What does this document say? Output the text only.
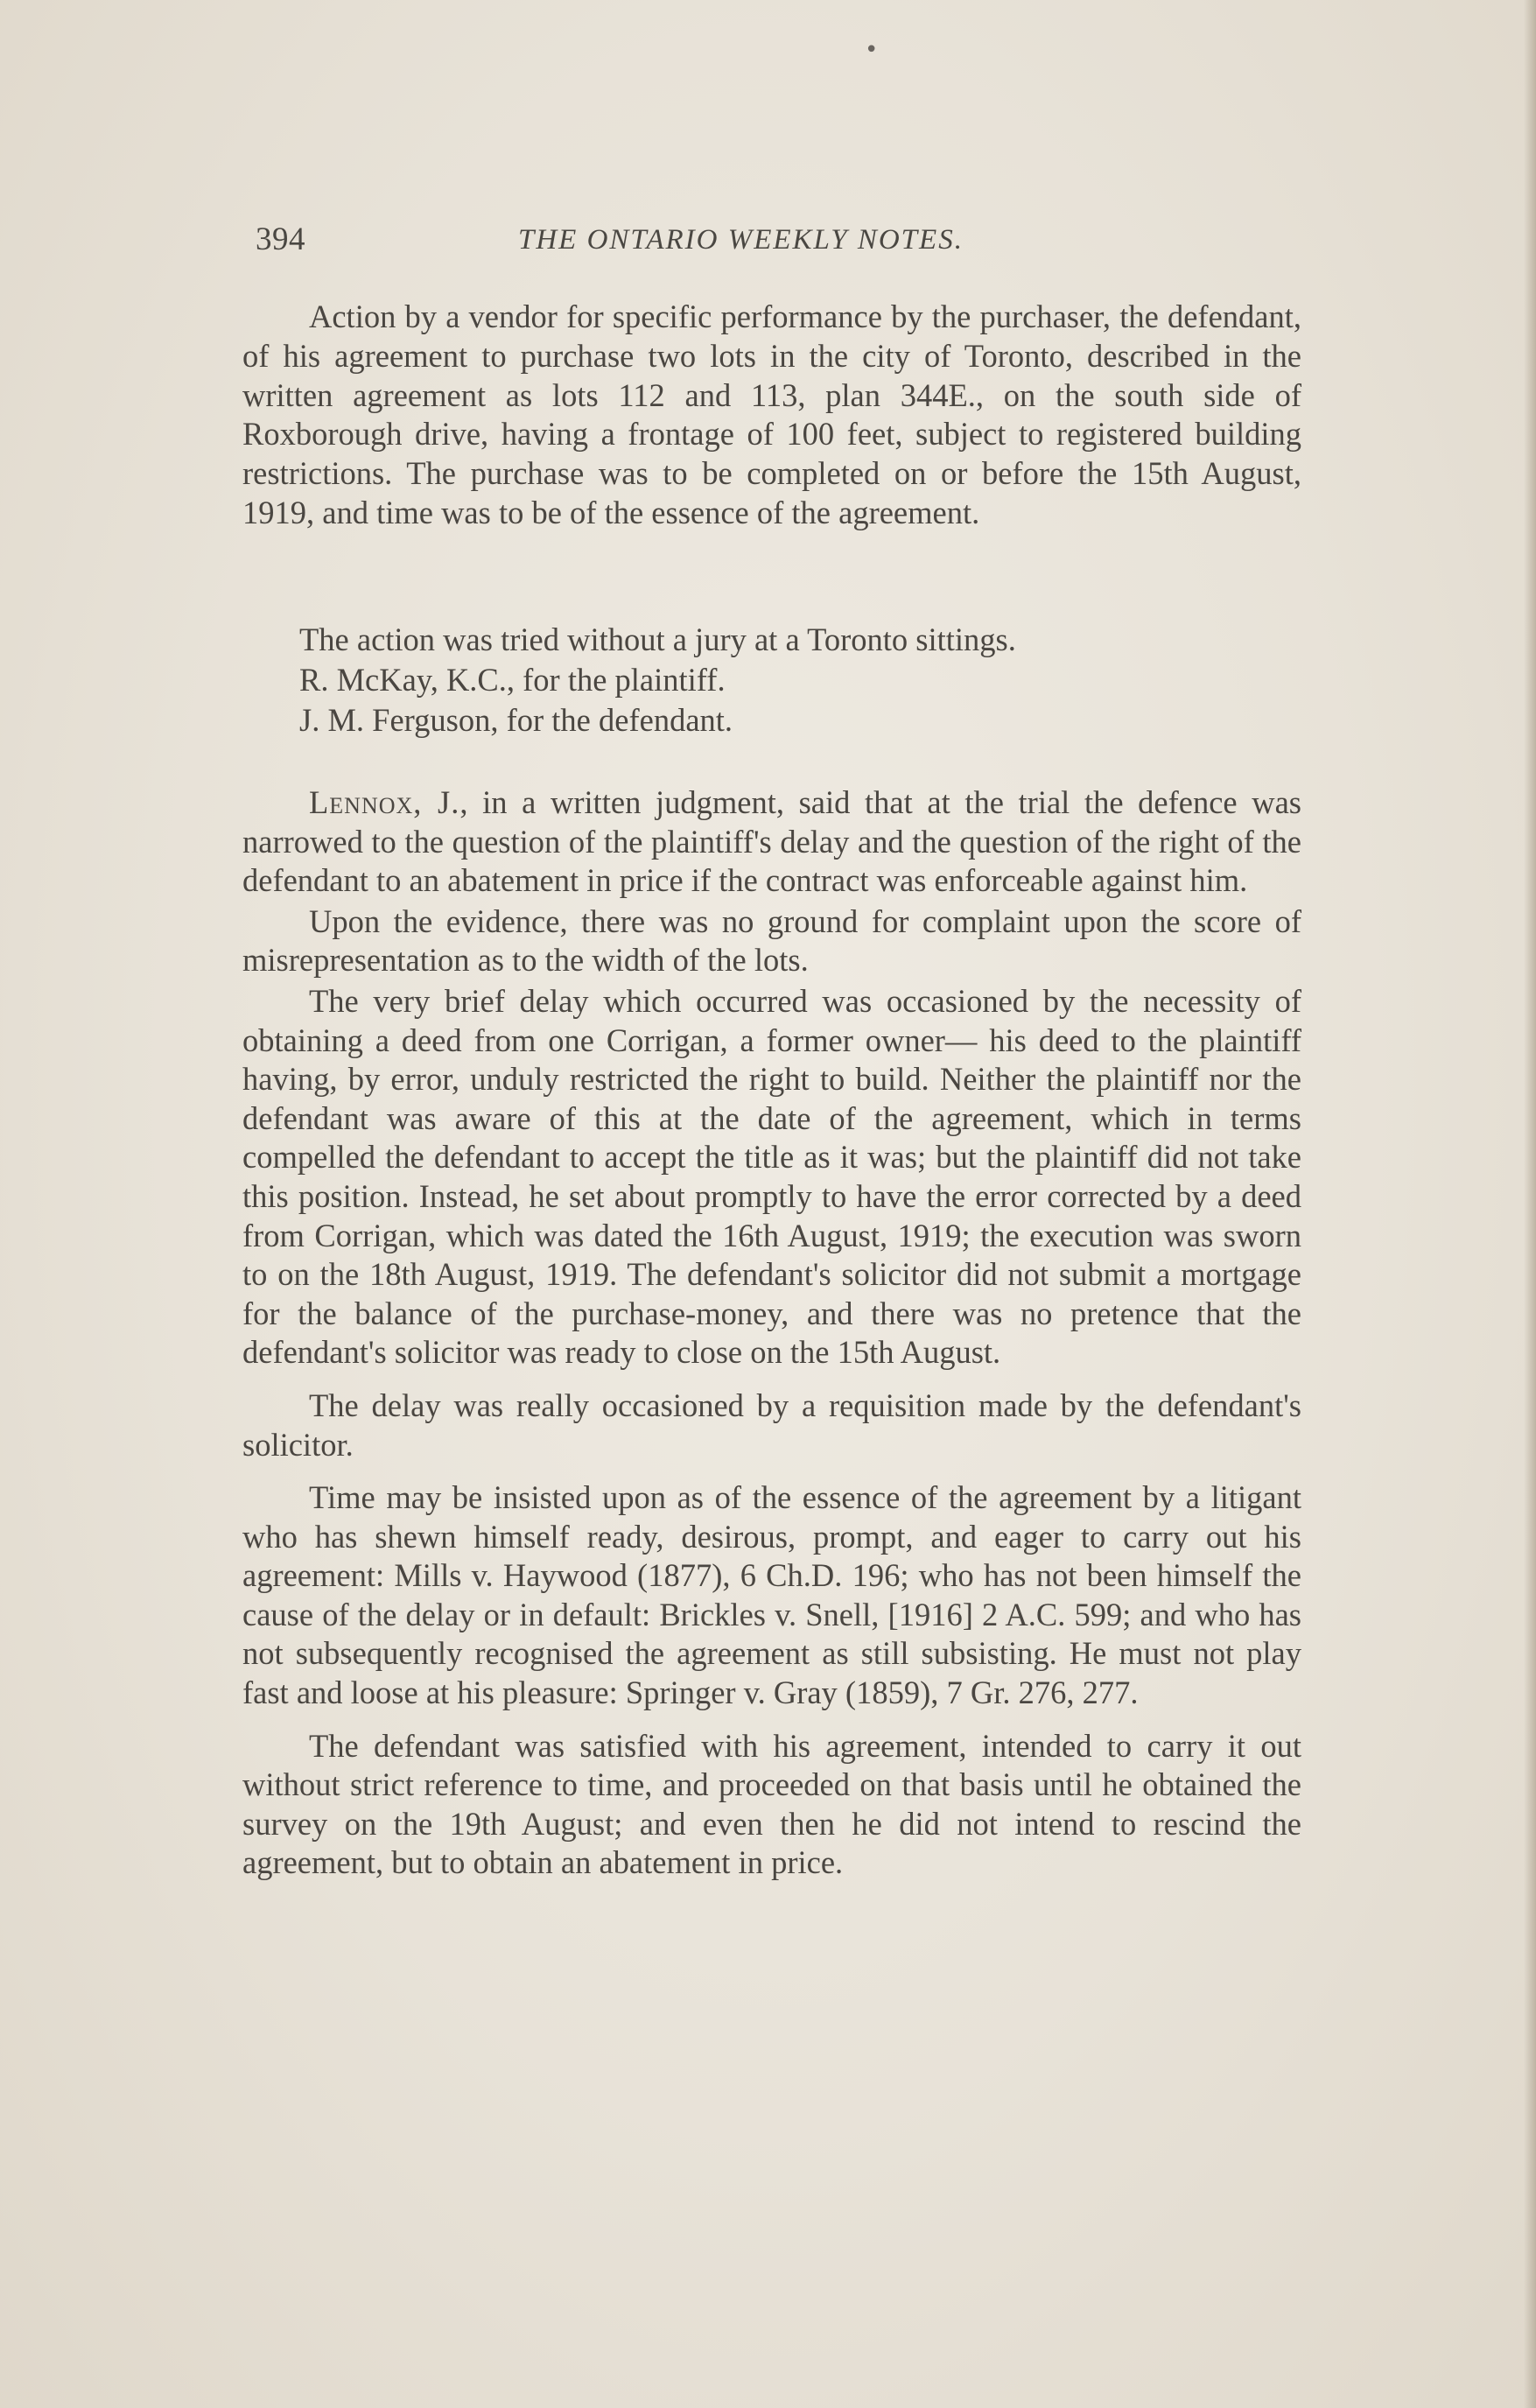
•
394	THE ONTARIO WEEKLY NOTES.

Action by a vendor for specific performance by the purchaser, the defendant, of his agreement to purchase two lots in the city of Toronto, described in the written agreement as lots 112 and 113, plan 344E., on the south side of Roxborough drive, having a frontage of 100 feet, subject to registered building restrictions. The purchase was to be completed on or before the 15th August, 1919, and time was to be of the essence of the agreement.

The action was tried without a jury at a Toronto sittings.

R. McKay, K.C., for the plaintiff.

J. M. Ferguson, for the defendant.

Lennox, J., in a written judgment, said that at the trial the defence was narrowed to the question of the plaintiff's delay and the question of the right of the defendant to an abatement in price if the contract was enforceable against him.

Upon the evidence, there was no ground for complaint upon the score of misrepresentation as to the width of the lots.

The very brief delay which occurred was occasioned by the necessity of obtaining a deed from one Corrigan, a former owner— his deed to the plaintiff having, by error, unduly restricted the right to build. Neither the plaintiff nor the defendant was aware of this at the date of the agreement, which in terms compelled the defendant to accept the title as it was; but the plaintiff did not take this position. Instead, he set about promptly to have the error corrected by a deed from Corrigan, which was dated the 16th August, 1919; the execution was sworn to on the 18th August, 1919. The defendant's solicitor did not submit a mortgage for the balance of the purchase-money, and there was no pretence that the defendant's solicitor was ready to close on the 15th August.

The delay was really occasioned by a requisition made by the defendant's solicitor.

Time may be insisted upon as of the essence of the agreement by a litigant who has shewn himself ready, desirous, prompt, and eager to carry out his agreement: Mills v. Haywood (1877), 6 Ch.D. 196; who has not been himself the cause of the delay or in default: Brickles v. Snell, [1916] 2 A.C. 599; and who has not subsequently recognised the agreement as still subsisting. He must not play fast and loose at his pleasure: Springer v. Gray (1859), 7 Gr. 276, 277.

The defendant was satisfied with his agreement, intended to carry it out without strict reference to time, and proceeded on that basis until he obtained the survey on the 19th August; and even then he did not intend to rescind the agreement, but to obtain an abatement in price.
